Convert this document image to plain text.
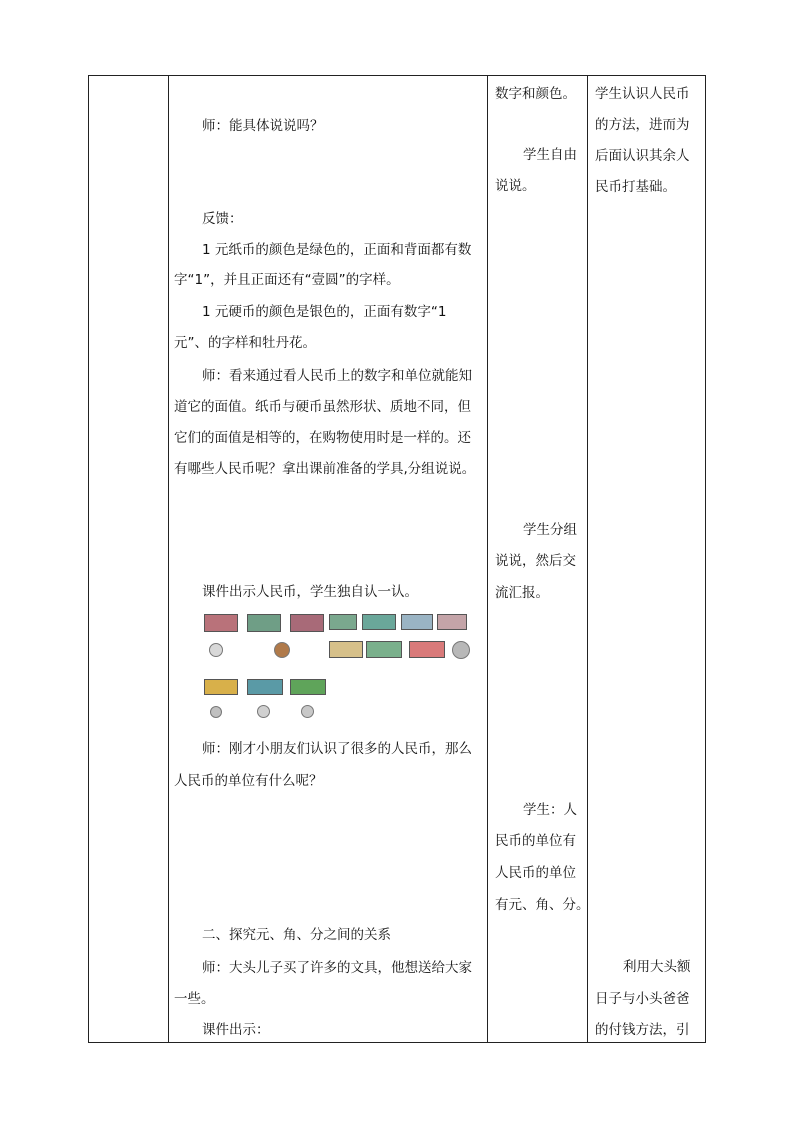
师：能具体说说吗？
反馈：
1 元纸币的颜色是绿色的，正面和背面都有数
字“1”，并且正面还有“壹圆”的字样。
1 元硬币的颜色是银色的，正面有数字“1
元”、的字样和牡丹花。
师：看来通过看人民币上的数字和单位就能知
道它的面值。纸币与硬币虽然形状、质地不同，但
它们的面值是相等的，在购物使用时是一样的。还
有哪些人民币呢？拿出课前准备的学具,分组说说。
课件出示人民币，学生独自认一认。
师：刚才小朋友们认识了很多的人民币，那么
人民币的单位有什么呢？
二、探究元、角、分之间的关系
师：大头儿子买了许多的文具，他想送给大家
一些。
课件出示：
数字和颜色。
学生自由
说说。
学生分组
说说，然后交
流汇报。
学生：人
民币的单位有
人民币的单位
有元、角、分。
学生认识人民币
的方法，进而为
后面认识其余人
民币打基础。
利用大头额
日子与小头爸爸
的付钱方法，引
